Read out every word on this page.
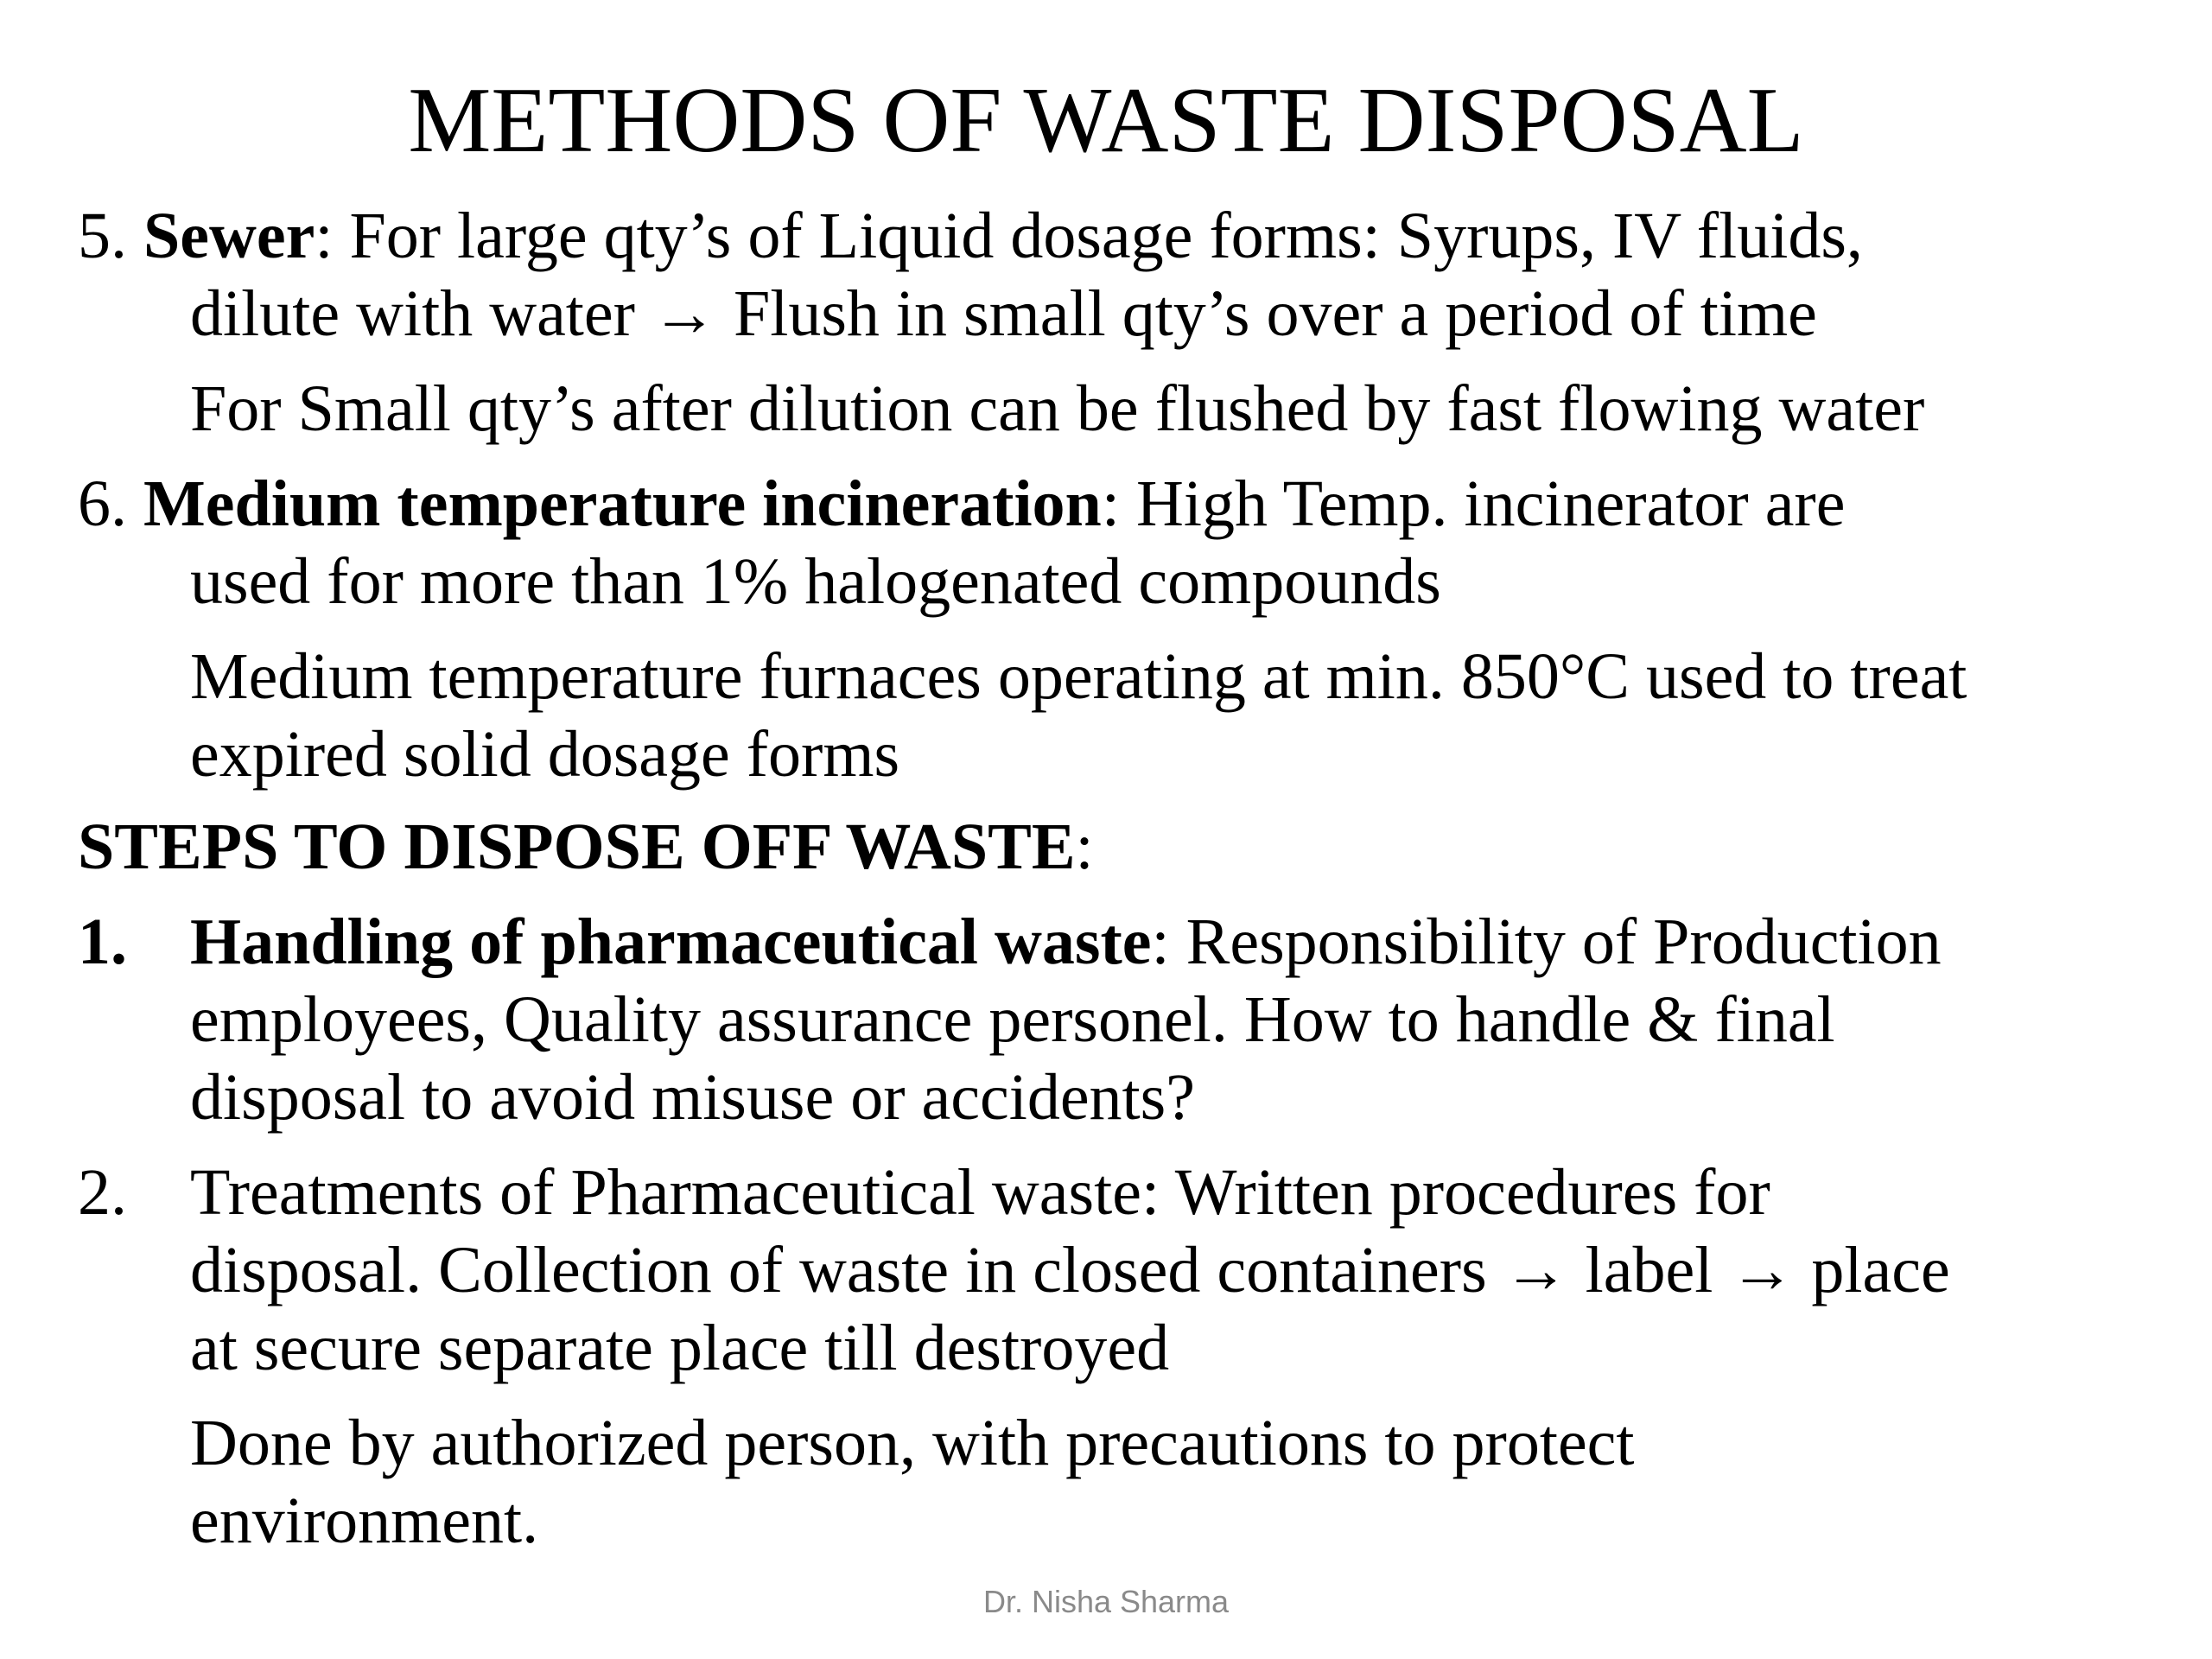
METHODS OF WASTE DISPOSAL
5. Sewer: For large qty’s of Liquid dosage forms: Syrups, IV fluids,
dilute with water → Flush in small qty’s over a period of time
For Small qty’s after dilution can be flushed by fast flowing water
6. Medium temperature incineration: High Temp. incinerator are
used for more than 1% halogenated compounds
Medium temperature furnaces operating at min. 850°C used to treat
expired solid dosage forms
STEPS TO DISPOSE OFF WASTE:
1. Handling of pharmaceutical waste: Responsibility of Production
employees, Quality assurance personel. How to handle & final
disposal to avoid misuse or accidents?
2. Treatments of Pharmaceutical waste: Written procedures for
disposal. Collection of waste in closed containers → label → place
at secure separate place till destroyed
Done by authorized person, with precautions to protect
environment.
Dr. Nisha Sharma
